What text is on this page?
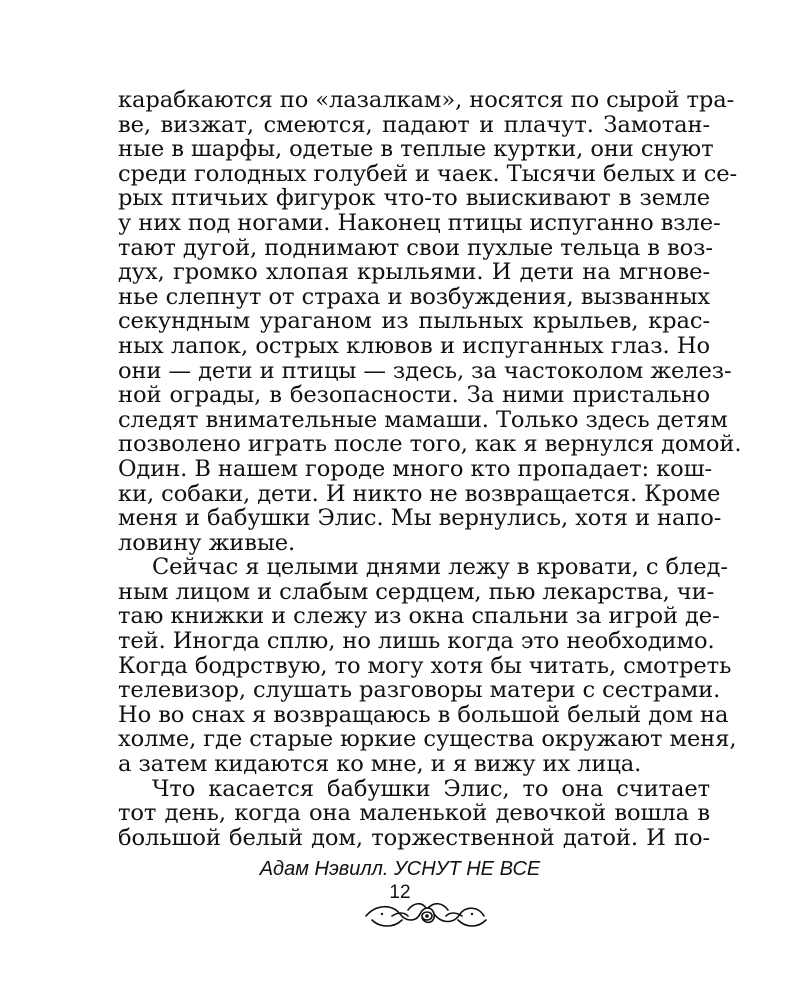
карабкаются по «лазалкам», носятся по сырой тра-
ве, визжат, смеются, падают и плачут. Замотан-
ные в шарфы, одетые в теплые куртки, они снуют
среди голодных голубей и чаек. Тысячи белых и се-
рых птичьих фигурок что-то выискивают в земле
у них под ногами. Наконец птицы испуганно взле-
тают дугой, поднимают свои пухлые тельца в воз-
дух, громко хлопая крыльями. И дети на мгнове-
нье слепнут от страха и возбуждения, вызванных
секундным ураганом из пыльных крыльев, крас-
ных лапок, острых клювов и испуганных глаз. Но
они — дети и птицы — здесь, за частоколом желез-
ной ограды, в безопасности. За ними пристально
следят внимательные мамаши. Только здесь детям
позволено играть после того, как я вернулся домой.
Один. В нашем городе много кто пропадает: кош-
ки, собаки, дети. И никто не возвращается. Кроме
меня и бабушки Элис. Мы вернулись, хотя и напо-
ловину живые.
Сейчас я целыми днями лежу в кровати, с блед-
ным лицом и слабым сердцем, пью лекарства, чи-
таю книжки и слежу из окна спальни за игрой де-
тей. Иногда сплю, но лишь когда это необходимо.
Когда бодрствую, то могу хотя бы читать, смотреть
телевизор, слушать разговоры матери с сестрами.
Но во снах я возвращаюсь в большой белый дом на
холме, где старые юркие существа окружают меня,
а затем кидаются ко мне, и я вижу их лица.
Что касается бабушки Элис, то она считает
тот день, когда она маленькой девочкой вошла в
большой белый дом, торжественной датой. И по-
Адам Нэвилл. УСНУТ НЕ ВСЕ
12
